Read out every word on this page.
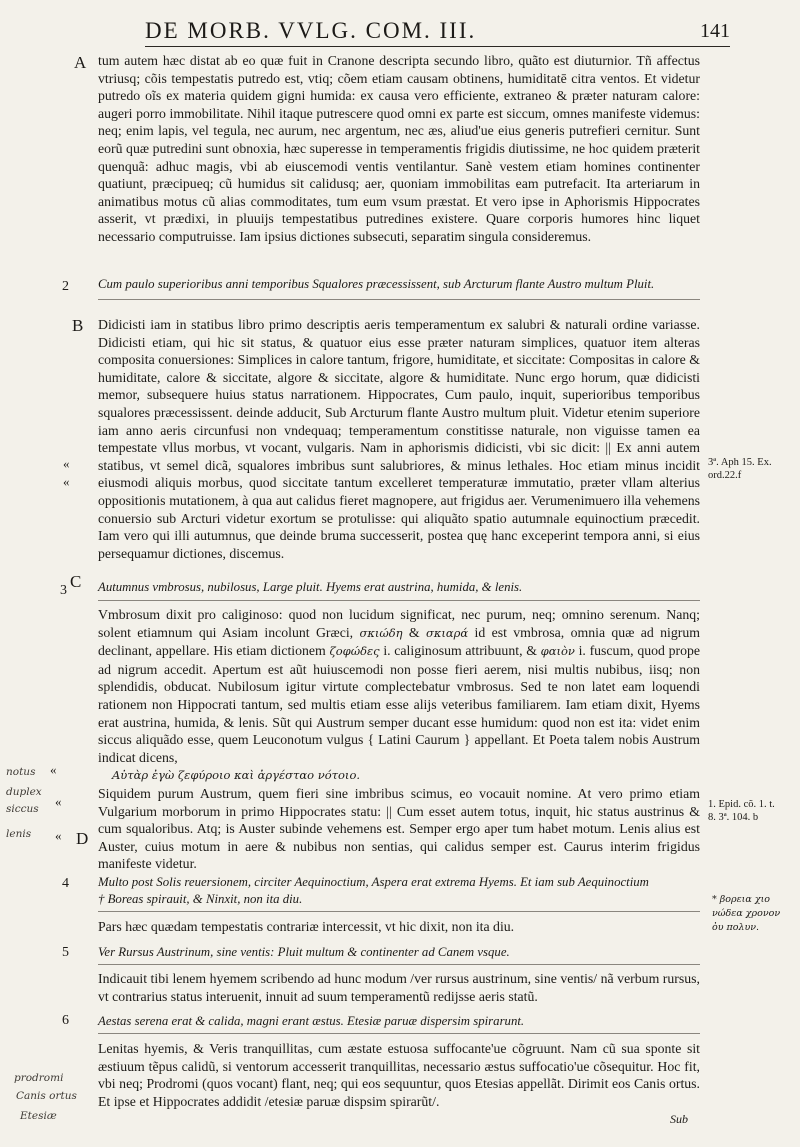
DE MORB. VVLG. COM. III.	141
A tum autem hæc distat ab eo quæ fuit in Cranone descripta secundo libro, quãto est diuturnior. Tñ affectus vtriusq; cõis tempestatis putredo est, vtiq; cõem etiam causam obtinens, humiditatē citra ventos. Et videtur putredo oĩs ex materia quidem gigni humida: ex causa vero efficiente, extraneo & præter naturam calore: augeri porro immobilitate. Nihil itaque putrescere quod omni ex parte est siccum, omnes manifeste videmus: neq; enim lapis, vel tegula, nec aurum, nec argentum, nec æs, aliud'ue eius generis putrefieri cernitur. Sunt eorũ quæ putredini sunt obnoxia, hæc superesse in temperamentis frigidis diutissime, ne hoc quidem præterit quenquã: adhuc magis, vbi ab eiuscemodi ventis ventilantur. Sanè vestem etiam homines continenter quatiunt, præcipueq; cũ humidus sit calidusq; aer, quoniam immobilitas eam putrefacit. Ita arteriarum in animatibus motus cũ alias commoditates, tum eum vsum præstat. Et vero ipse in Aphorismis Hippocrates asserit, vt prædixi, in pluuijs tempestatibus putredines existere. Quare corporis humores hinc liquet necessario computruisse. Iam ipsius dictiones subsecuti, separatim singula consideremus.

2 Cum paulo superioribus anni temporibus Squalores præcessissent, sub Arcturum flante Austro multum Pluit.

B Didicisti iam in statibus libro primo descriptis aeris temperamentum ex salubri & naturali ordine variasse. Didicisti etiam, qui hic sit status, & quatuor eius esse præter naturam simplices, quatuor item alteras composita conuersiones: Simplices in calore tantum, frigore, humiditate, et siccitate: Compositas in calore & humiditate, calore & siccitate, algore & siccitate, algore & humiditate. Nunc ergo horum, quæ didicisti memor, subsequere huius status narrationem. Hippocrates, Cum paulo, inquit, superioribus temporibus squalores præcessissent. deinde adducit, Sub Arcturum flante Austro multum pluit. Videtur etenim superiore iam anno aeris circunfusi non vndequaq; temperamentum constitisse naturale, non viguisse tamen ea tempestate vllus morbus, vt vocant, vulgaris. Nam in aphorismis didicisti, vbi sic dicit: || Ex anni autem statibus, vt semel dicã, squalores imbribus sunt salubriores, & minus lethales. Hoc etiam minus incidit eiusmodi aliquis morbus, quod siccitate tantum excelleret temperaturæ immutatio, præter vllam alterius oppositionis mutationem, à qua aut calidus fieret magnopere, aut frigidus aer. Verumenimuero illa vehemens conuersio sub Arcturi videtur exortum se protulisse: qui aliquãto spatio autumnale equinoctium præcedit. Iam vero qui illi autumnus, que deinde bruma successerit, postea quę hanc exceperint tempora anni, si eius persequamur dictiones, discemus.

«
«
3ª. Aph 15. Ex.
ord.22.f
3 C Autumnus vmbrosus, nubilosus, Large pluit. Hyems erat austrina, humida, & lenis.

Vmbrosum dixit pro caliginoso: quod non lucidum significat, nec purum, neq; omnino serenum. Nanq; solent etiamnum qui Asiam incolunt Græci, σκιώδη & σκιαρά id est vmbrosa, omnia quæ ad nigrum declinant, appellare. His etiam dictionem ζοφώδες i. caliginosum attribuunt, & φαιὸν i. fuscum, quod prope ad nigrum accedit. Apertum est aũt huiuscemodi non posse fieri aerem, nisi multis nubibus, iisq; non splendidis, obducat. Nubilosum igitur virtute complectebatur vmbrosus. Sed te non latet eam loquendi rationem non Hippocrati tantum, sed multis etiam esse alijs veteribus familiarem. Iam etiam dixit, Hyems erat austrina, humida, & lenis. Sũt qui Austrum semper ducant esse humidum: quod non est ita: videt enim siccus aliquãdo esse, quem Leuconotum vulgus { Latini Caurum } appellant. Et Poeta talem nobis Austrum indicat dicens,

Αὐτὰρ ἐγὼ ζεφύροιο καὶ ἀργέσταο νότοιο.

Siquidem purum Austrum, quem fieri sine imbribus scimus, eo vocauit nomine. At vero primo etiam Vulgarium morborum in primo Hippocrates statu: || Cum esset autem totus, inquit, hic status austrinus & cum squaloribus. Atq; is Auster subinde vehemens est. Semper ergo aper tum habet motum. Lenis alius est Auster, cuius motum in aere & nubibus non sentias, qui calidus semper est. Caurus interim frigidus manifeste videtur.

notus «
duplex
«
siccus
lenis « D
1. Epid. cõ. 1. t.
8. 3ª. 104. b
4 Multo post Solis reuersionem, circiter Aequinoctium, Aspera erat extrema Hyems. Et iam sub Aequinoctium

† Boreas spirauit, & Ninxit, non ita diu.	* βορεια χιο
νώδεα χρονον
ὀυ πολυν.

Pars hæc quædam tempestatis contrariæ intercessit, vt hic dixit, non ita diu.

5 Ver Rursus Austrinum, sine ventis: Pluit multum & continenter ad Canem vsque.

Indicauit tibi lenem hyemem scribendo ad hunc modum /ver rursus austrinum, sine ventis/ nã verbum rursus, vt contrarius status interuenit, innuit ad suum temperamentũ redijsse aeris statũ.

6 Aestas serena erat & calida, magni erant æstus. Etesiæ paruæ dispersim spirarunt.

Lenitas hyemis, & Veris tranquillitas, cum æstate estuosa suffocante'ue cõgruunt. Nam cũ sua sponte sit æstiuum tẽpus calidũ, si ventorum accesserit tranquillitas, necessario æstus suffocatio'ue cõsequitur. Hoc fit, vbi neq; Prodromi (quos vocant) flant, neq; qui eos sequuntur, quos Etesias appellãt. Dirimit eos Canis ortus. Et ipse et Hippocrates addidit /etesiæ paruæ dispsim spirarũt/.

prodromi
Canis ortus
Etesiæ	Sub
